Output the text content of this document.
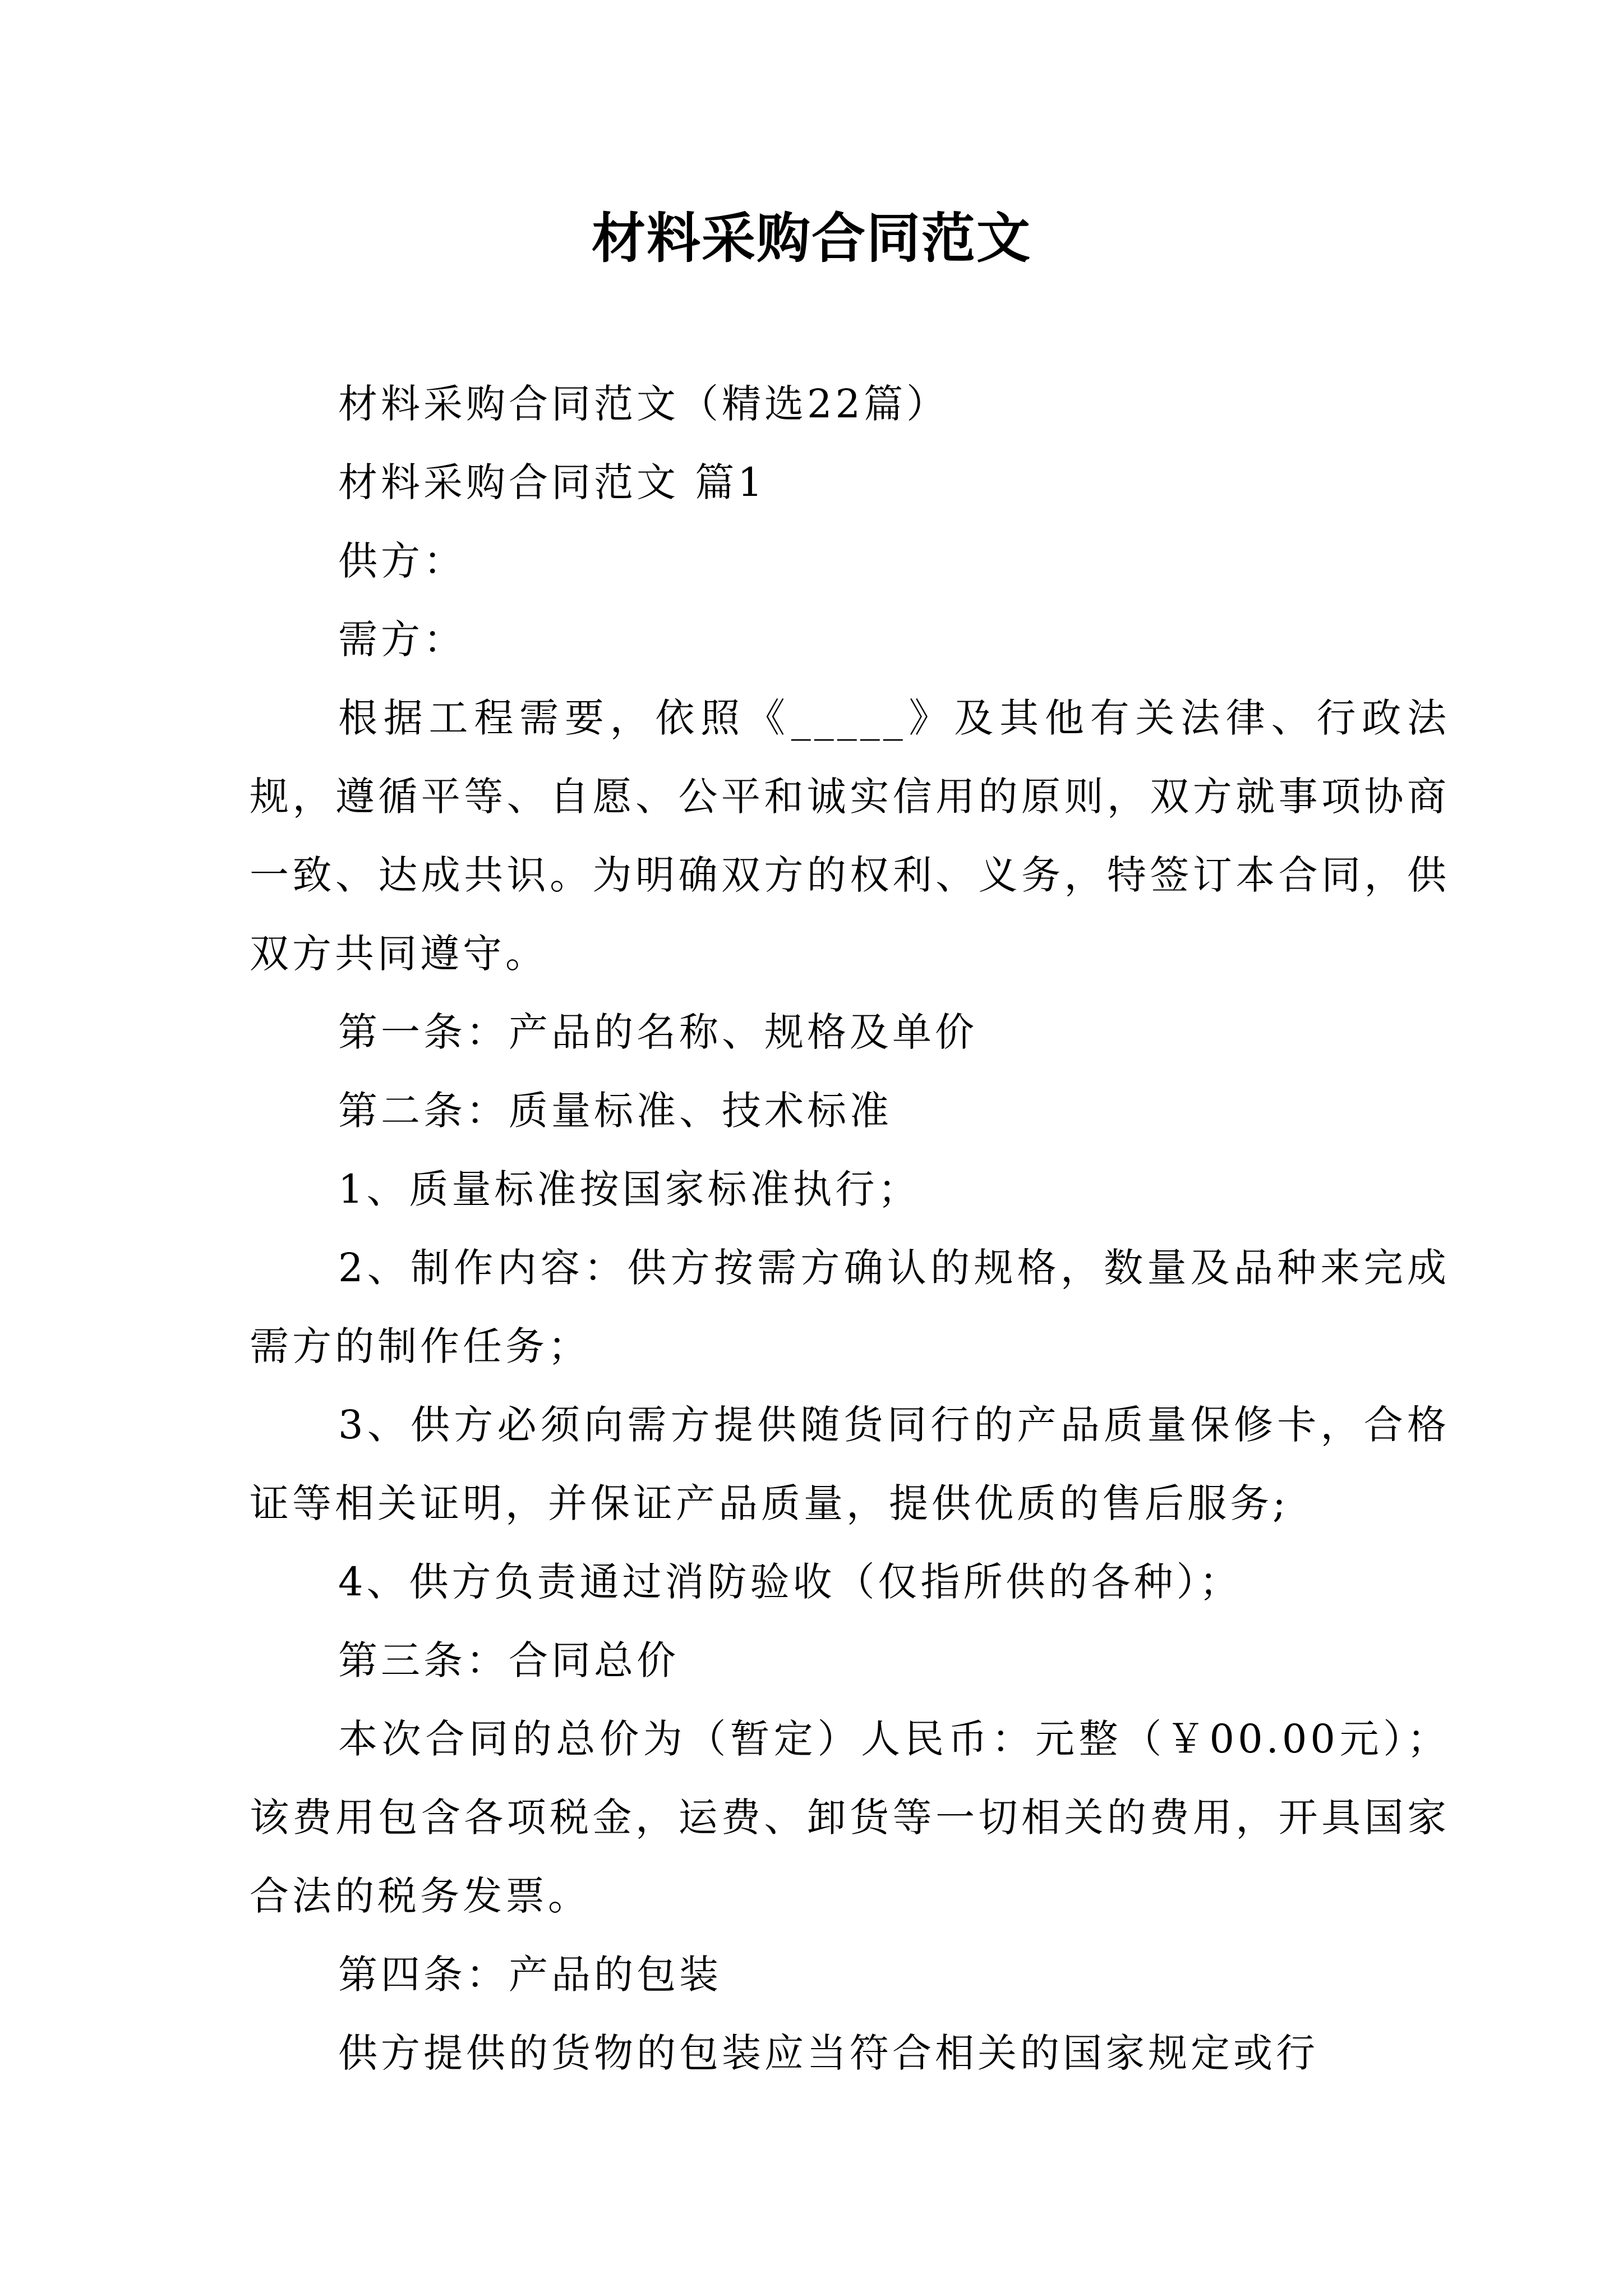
材料采购合同范文

材料采购合同范文（精选22篇）

材料采购合同范文 篇1

供方：

需方：

根据工程需要，依照《_____》及其他有关法律、行政法规，遵循平等、自愿、公平和诚实信用的原则，双方就事项协商一致、达成共识。为明确双方的权利、义务，特签订本合同，供双方共同遵守。

第一条：产品的名称、规格及单价

第二条：质量标准、技术标准

1、质量标准按国家标准执行；

2、制作内容：供方按需方确认的规格，数量及品种来完成需方的制作任务；

3、供方必须向需方提供随货同行的产品质量保修卡，合格证等相关证明，并保证产品质量，提供优质的售后服务;

4、供方负责通过消防验收（仅指所供的各种）；

第三条：合同总价

本次合同的总价为（暂定）人民币：元整（￥00.00元）；该费用包含各项税金，运费、卸货等一切相关的费用，开具国家合法的税务发票。

第四条：产品的包装

供方提供的货物的包装应当符合相关的国家规定或行
